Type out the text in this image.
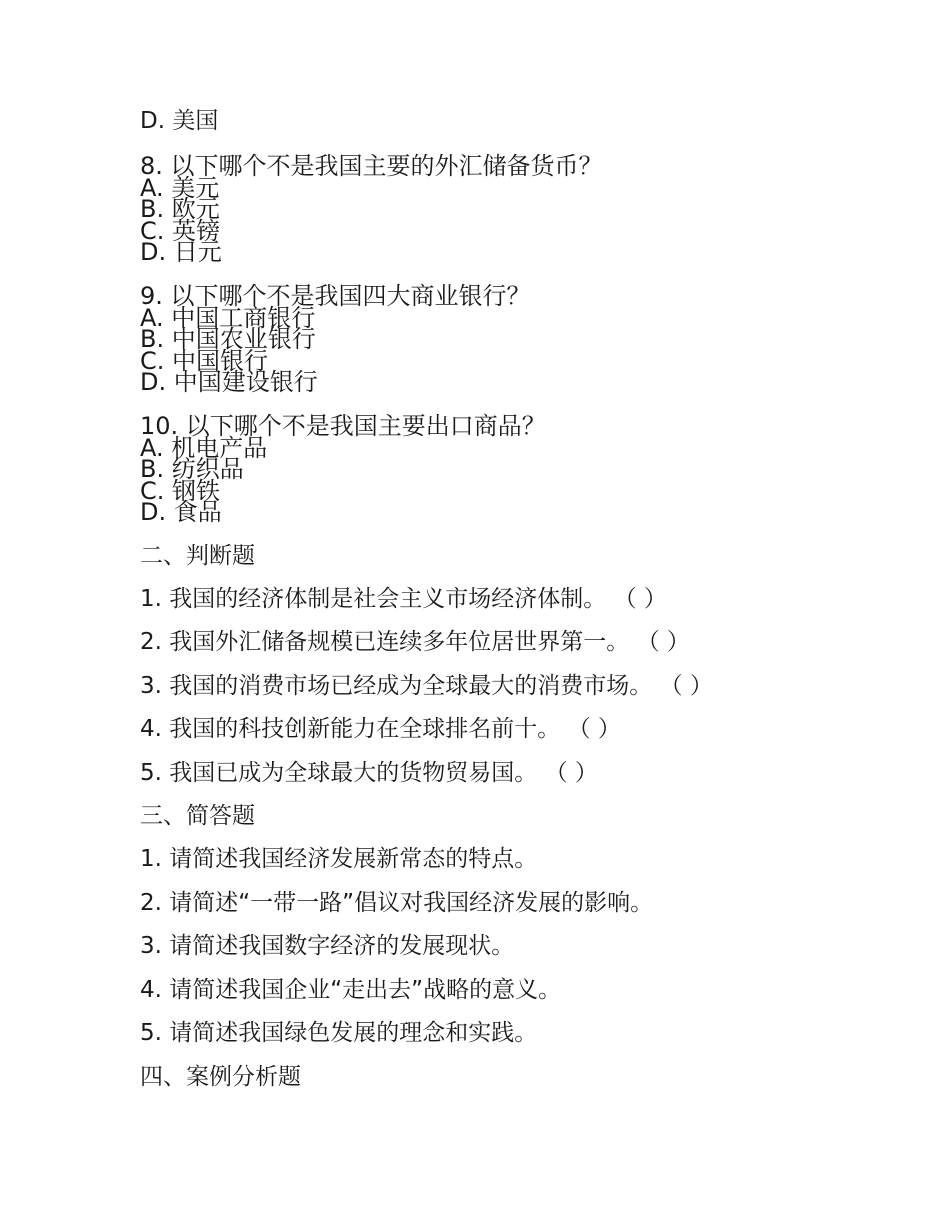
D. 美国
8. 以下哪个不是我国主要的外汇储备货币？
A. 美元
B. 欧元
C. 英镑
D. 日元
9. 以下哪个不是我国四大商业银行？
A. 中国工商银行
B. 中国农业银行
C. 中国银行
D. 中国建设银行
10. 以下哪个不是我国主要出口商品？
A. 机电产品
B. 纺织品
C. 钢铁
D. 食品
二、判断题
1. 我国的经济体制是社会主义市场经济体制。 （ ）
2. 我国外汇储备规模已连续多年位居世界第一。 （ ）
3. 我国的消费市场已经成为全球最大的消费市场。 （ ）
4. 我国的科技创新能力在全球排名前十。 （ ）
5. 我国已成为全球最大的货物贸易国。 （ ）
三、简答题
1. 请简述我国经济发展新常态的特点。
2. 请简述“一带一路”倡议对我国经济发展的影响。
3. 请简述我国数字经济的发展现状。
4. 请简述我国企业“走出去”战略的意义。
5. 请简述我国绿色发展的理念和实践。
四、案例分析题
